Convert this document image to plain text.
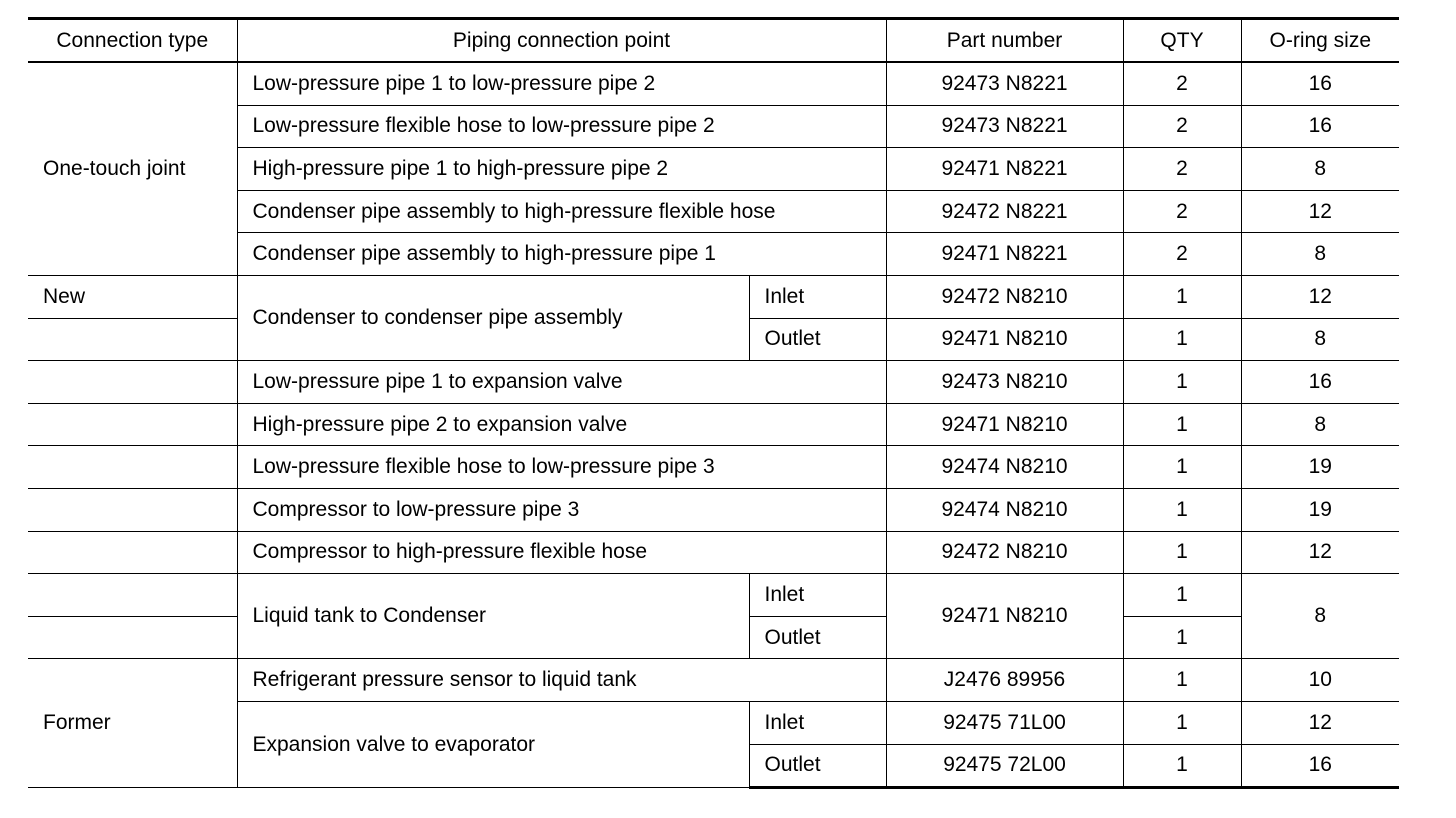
Connection type	Piping connection point		Part number	QTY	O-ring size
One-touch joint	Low-pressure pipe 1 to low-pressure pipe 2		92473 N8221	2	16
	Low-pressure flexible hose to low-pressure pipe 2		92473 N8221	2	16
	High-pressure pipe 1 to high-pressure pipe 2		92471 N8221	2	8
	Condenser pipe assembly to high-pressure flexible hose		92472 N8221	2	12
	Condenser pipe assembly to high-pressure pipe 1		92471 N8221	2	8
New	Condenser to condenser pipe assembly	Inlet	92472 N8210	1	12
		Outlet	92471 N8210	1	8
	Low-pressure pipe 1 to expansion valve		92473 N8210	1	16
	High-pressure pipe 2 to expansion valve		92471 N8210	1	8
	Low-pressure flexible hose to low-pressure pipe 3		92474 N8210	1	19
	Compressor to low-pressure pipe 3		92474 N8210	1	19
	Compressor to high-pressure flexible hose		92472 N8210	1	12
	Liquid tank to Condenser	Inlet	92471 N8210	1	8
		Outlet		1	
Former	Refrigerant pressure sensor to liquid tank		J2476 89956	1	10
	Expansion valve to evaporator	Inlet	92475 71L00	1	12
		Outlet	92475 72L00	1	16
